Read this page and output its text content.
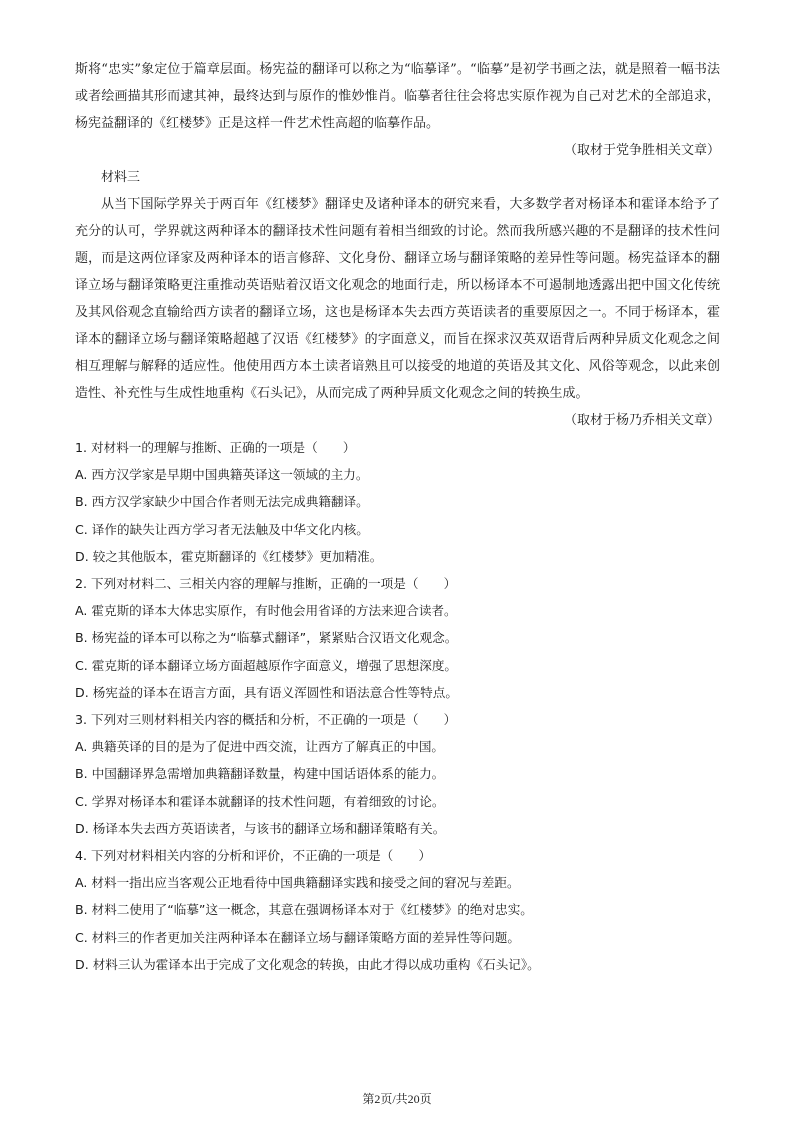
斯将“忠实”象定位于篇章层面。杨宪益的翻译可以称之为“临摹译”。“临摹”是初学书画之法，就是照着一幅书法或者绘画描其形而逮其神，最终达到与原作的惟妙惟肖。临摹者往往会将忠实原作视为自己对艺术的全部追求，杨宪益翻译的《红楼梦》正是这样一件艺术性高超的临摹作品。

（取材于党争胜相关文章）

材料三

从当下国际学界关于两百年《红楼梦》翻译史及诸种译本的研究来看，大多数学者对杨译本和霍译本给予了充分的认可，学界就这两种译本的翻译技术性问题有着相当细致的讨论。然而我所感兴趣的不是翻译的技术性问题，而是这两位译家及两种译本的语言修辞、文化身份、翻译立场与翻译策略的差异性等问题。杨宪益译本的翻译立场与翻译策略更注重推动英语贴着汉语文化观念的地面行走，所以杨译本不可遏制地透露出把中国文化传统及其风俗观念直输给西方读者的翻译立场，这也是杨译本失去西方英语读者的重要原因之一。不同于杨译本，霍译本的翻译立场与翻译策略超越了汉语《红楼梦》的字面意义，而旨在探求汉英双语背后两种异质文化观念之间相互理解与解释的适应性。他使用西方本土读者谙熟且可以接受的地道的英语及其文化、风俗等观念，以此来创造性、补充性与生成性地重构《石头记》，从而完成了两种异质文化观念之间的转换生成。

（取材于杨乃乔相关文章）

1. 对材料一的理解与推断、正确的一项是（　　）

A. 西方汉学家是早期中国典籍英译这一领域的主力。

B. 西方汉学家缺少中国合作者则无法完成典籍翻译。

C. 译作的缺失让西方学习者无法触及中华文化内核。

D. 较之其他版本，霍克斯翻译的《红楼梦》更加精准。

2. 下列对材料二、三相关内容的理解与推断，正确的一项是（　　）

A. 霍克斯的译本大体忠实原作，有时他会用省译的方法来迎合读者。

B. 杨宪益的译本可以称之为“临摹式翻译”，紧紧贴合汉语文化观念。

C. 霍克斯的译本翻译立场方面超越原作字面意义，增强了思想深度。

D. 杨宪益的译本在语言方面，具有语义浑圆性和语法意合性等特点。

3. 下列对三则材料相关内容的概括和分析，不正确的一项是（　　）

A. 典籍英译的目的是为了促进中西交流，让西方了解真正的中国。

B. 中国翻译界急需增加典籍翻译数量，构建中国话语体系的能力。

C. 学界对杨译本和霍译本就翻译的技术性问题，有着细致的讨论。

D. 杨译本失去西方英语读者，与该书的翻译立场和翻译策略有关。

4. 下列对材料相关内容的分析和评价，不正确的一项是（　　）

A. 材料一指出应当客观公正地看待中国典籍翻译实践和接受之间的窘况与差距。

B. 材料二使用了“临摹”这一概念，其意在强调杨译本对于《红楼梦》的绝对忠实。

C. 材料三的作者更加关注两种译本在翻译立场与翻译策略方面的差异性等问题。

D. 材料三认为霍译本出于完成了文化观念的转换，由此才得以成功重构《石头记》。

第2页/共20页
